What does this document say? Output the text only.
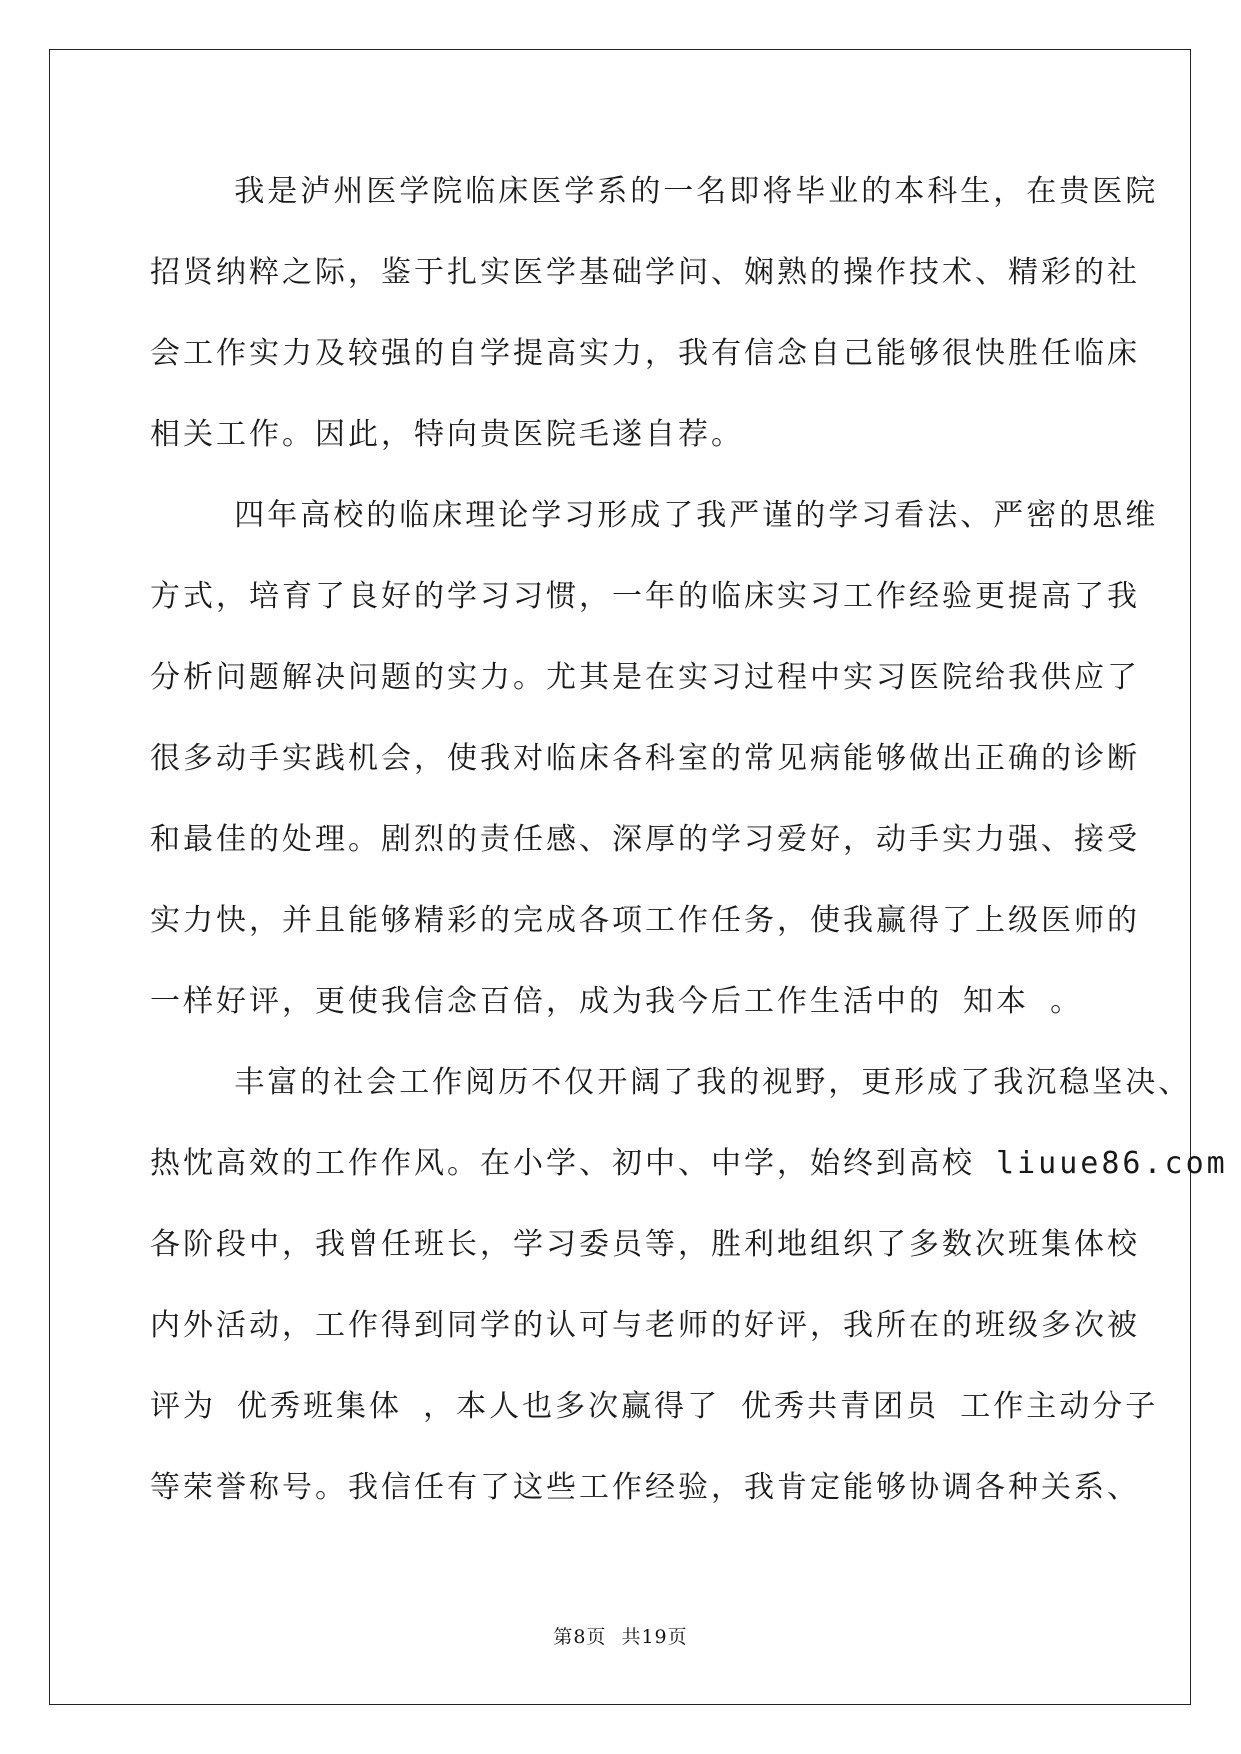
我是泸州医学院临床医学系的一名即将毕业的本科生，在贵医院
招贤纳粹之际，鉴于扎实医学基础学问、娴熟的操作技术、精彩的社
会工作实力及较强的自学提高实力，我有信念自己能够很快胜任临床
相关工作。因此，特向贵医院毛遂自荐。
四年高校的临床理论学习形成了我严谨的学习看法、严密的思维
方式，培育了良好的学习习惯，一年的临床实习工作经验更提高了我
分析问题解决问题的实力。尤其是在实习过程中实习医院给我供应了
很多动手实践机会，使我对临床各科室的常见病能够做出正确的诊断
和最佳的处理。剧烈的责任感、深厚的学习爱好，动手实力强、接受
实力快，并且能够精彩的完成各项工作任务，使我赢得了上级医师的
一样好评，更使我信念百倍，成为我今后工作生活中的 知本 。
丰富的社会工作阅历不仅开阔了我的视野，更形成了我沉稳坚决、
热忱高效的工作作风。在小学、初中、中学，始终到高校 liuue86.com
各阶段中，我曾任班长，学习委员等，胜利地组织了多数次班集体校
内外活动，工作得到同学的认可与老师的好评，我所在的班级多次被
评为 优秀班集体 ，本人也多次赢得了 优秀共青团员 工作主动分子
等荣誉称号。我信任有了这些工作经验，我肯定能够协调各种关系、
第8页 共19页
